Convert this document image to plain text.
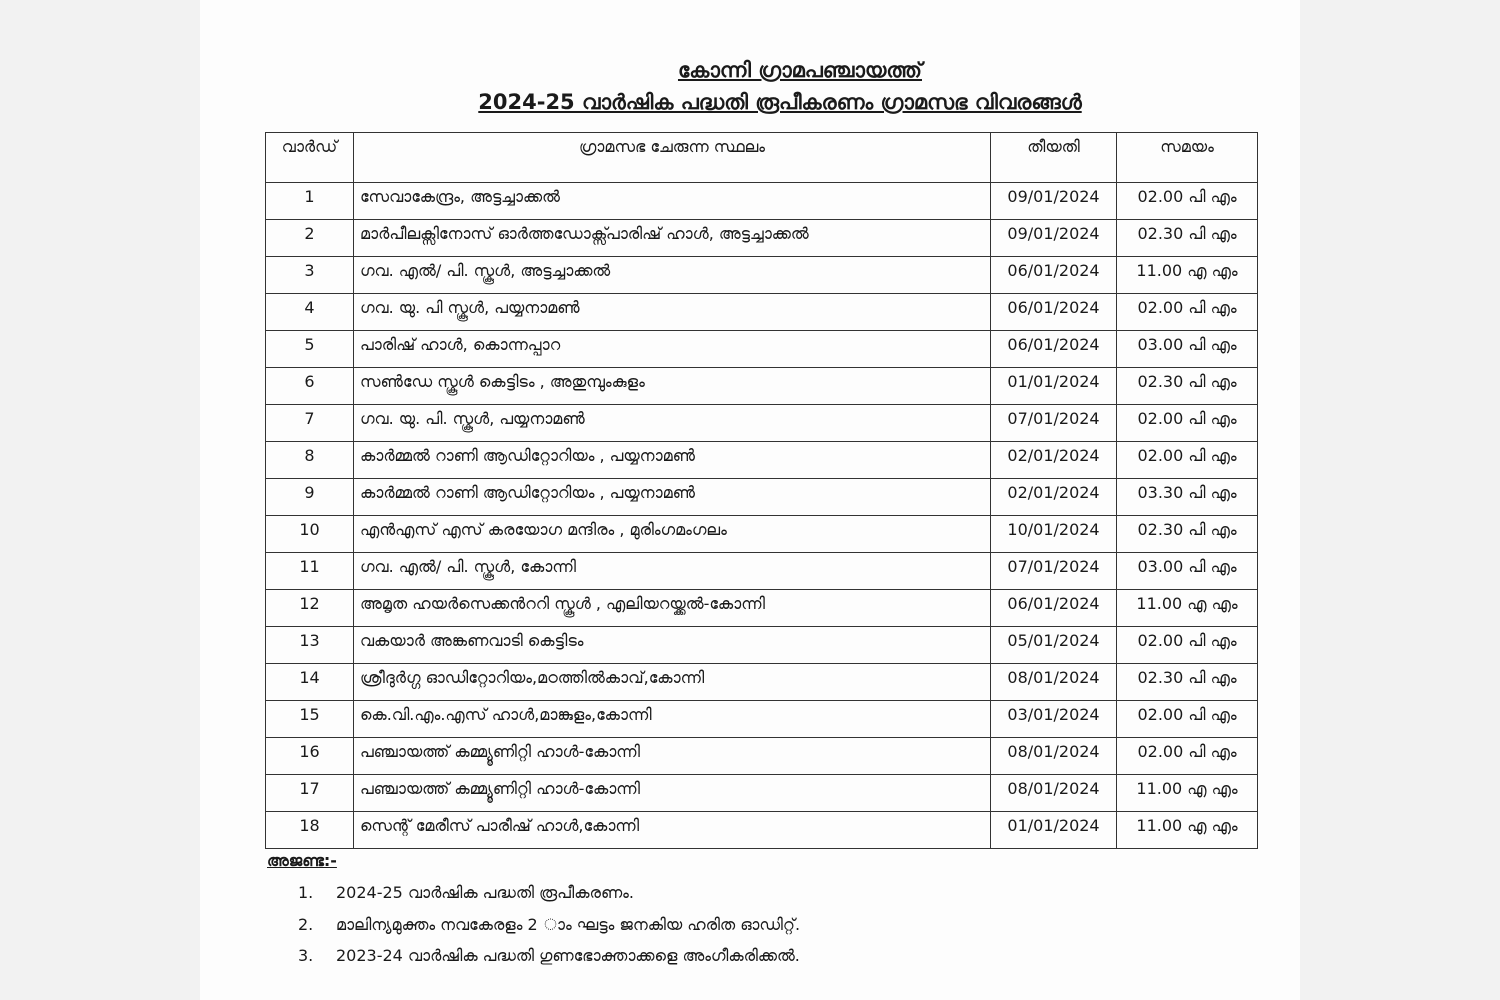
കോന്നി ഗ്രാമപഞ്ചായത്ത്
2024-25 വാർഷിക പദ്ധതി രൂപീകരണം ഗ്രാമസഭ വിവരങ്ങൾ
വാർഡ്	ഗ്രാമസഭ ചേരുന്ന സ്ഥലം	തീയതി	സമയം
1	സേവാകേന്ദ്രം, അട്ടച്ചാക്കൽ	09/01/2024	02.00 പി എം
2	മാർപീലക്സിനോസ് ഓർത്തഡോക്സ്പാരിഷ് ഹാൾ, അട്ടച്ചാക്കൽ	09/01/2024	02.30 പി എം
3	ഗവ. എൽ/ പി. സ്കൂൾ, അട്ടച്ചാക്കൽ	06/01/2024	11.00 എ എം
4	ഗവ. യു. പി സ്കൂൾ, പയ്യനാമൺ	06/01/2024	02.00 പി എം
5	പാരിഷ് ഹാൾ, കൊന്നപ്പാറ	06/01/2024	03.00 പി എം
6	സൺഡേ സ്കൂൾ കെട്ടിടം , അതുമ്പുംകുളം	01/01/2024	02.30 പി എം
7	ഗവ. യു. പി. സ്കൂൾ, പയ്യനാമൺ	07/01/2024	02.00 പി എം
8	കാർമ്മൽ റാണി ആഡിറ്റോറിയം , പയ്യനാമൺ	02/01/2024	02.00 പി എം
9	കാർമ്മൽ റാണി ആഡിറ്റോറിയം , പയ്യനാമൺ	02/01/2024	03.30 പി എം
10	എൻഎസ് എസ് കരയോഗ മന്ദിരം , മുരിംഗമംഗലം	10/01/2024	02.30 പി എം
11	ഗവ. എൽ/ പി. സ്കൂൾ, കോന്നി	07/01/2024	03.00 പി എം
12	അമൃത ഹയർസെക്കൻററി സ്കൂൾ , എലിയറയ്ക്കൽ-കോന്നി	06/01/2024	11.00 എ എം
13	വകയാർ അങ്കണവാടി കെട്ടിടം	05/01/2024	02.00 പി എം
14	ശ്രീദുർഗ്ഗ ഓഡിറ്റോറിയം,മഠത്തിൽകാവ്,കോന്നി	08/01/2024	02.30 പി എം
15	കെ.വി.എം.എസ് ഹാൾ,മാങ്കുളം,കോന്നി	03/01/2024	02.00 പി എം
16	പഞ്ചായത്ത് കമ്മ്യൂണിറ്റി ഹാൾ-കോന്നി	08/01/2024	02.00 പി എം
17	പഞ്ചായത്ത് കമ്മ്യൂണിറ്റി ഹാൾ-കോന്നി	08/01/2024	11.00 എ എം
18	സെന്റ് മേരീസ് പാരീഷ് ഹാൾ,കോന്നി	01/01/2024	11.00 എ എം
അജണ്ട:-
1. 2024-25 വാർഷിക പദ്ധതി രൂപീകരണം.
2. മാലിന്യമുക്തം നവകേരളം 2 ാം ഘട്ടം ജനകിയ ഹരിത ഓഡിറ്റ്.
3. 2023-24 വാർഷിക പദ്ധതി ഗുണഭോക്താക്കളെ അംഗീകരിക്കൽ.
